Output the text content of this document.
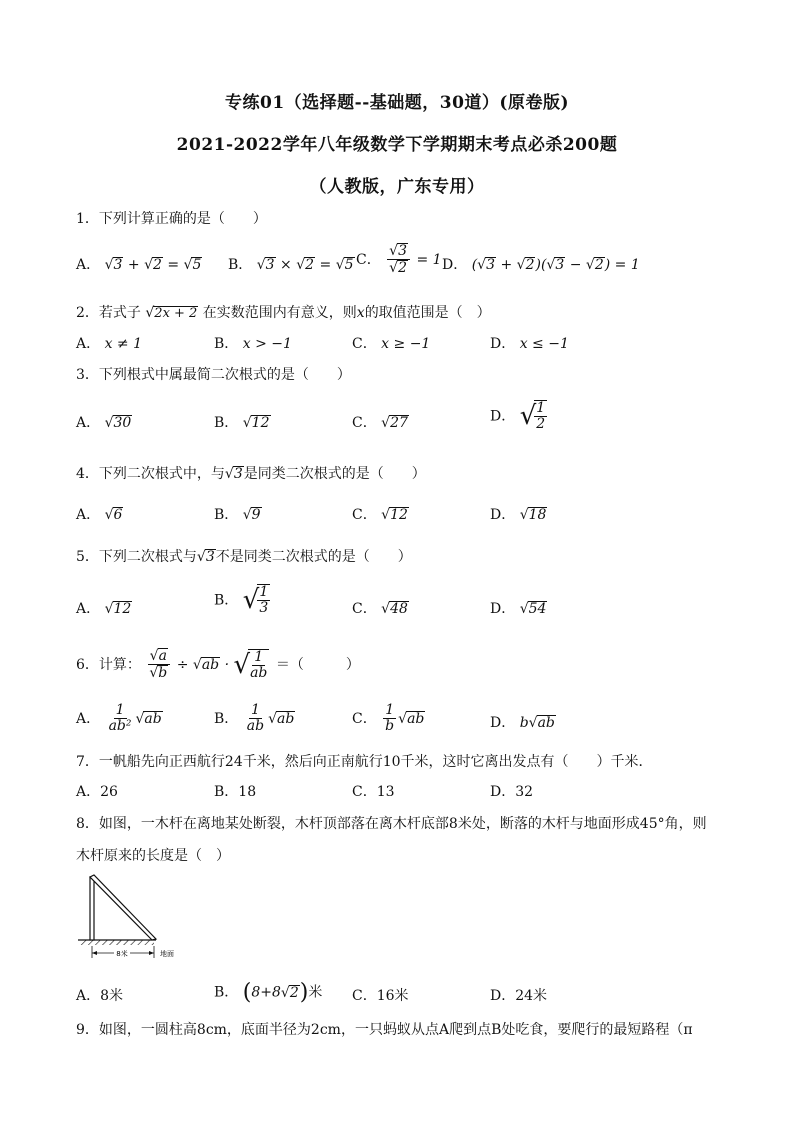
专练01（选择题--基础题，30道）(原卷版)
2021-2022学年八年级数学下学期期末考点必杀200题
（人教版，广东专用）
1．下列计算正确的是（　　）
A． √3 + √2 = √5 B． √3 × √2 = √5 C． $\frac{√3}{√2} = 1$ D． (√3 + √2)(√3 − √2) = 1
2．若式子 √2x + 2 在实数范围内有意义，则x的取值范围是（　）
A． x ≠ 1	B． x > −1	C． x ≥ −1	D． x ≤ −1
3．下列根式中属最简二次根式的是（　　）
A． √30	B． √12	C． √27	D． √
$\frac{1}{2}$
4．下列二次根式中，与√3是同类二次根式的是（　　）
A． √6	B． √9	C． √12	D． √18
5．下列二次根式与√3不是同类二次根式的是（　　）
A． √12
B． √
$\frac{1}{3}$	C． √48	D． √54
6．计算： $\frac{√a}{√b} \div √ab$ · √
$\frac{1}{ab}$ ＝（　　　）
A． $\frac{1}{\text{ab²}} √ab$	B． $\frac{1}{ab} √ab$	C． $\frac{1}{b} √ab$	D． b√ab
7．一帆船先向正西航行24千米，然后向正南航行10千米，这时它离出发点有（　　）千米．
A．26	B．18	C．13	D．32
8．如图，一木杆在离地某处断裂，木杆顶部落在离木杆底部8米处，断落的木杆与地面形成45°角，则
木杆原来的长度是（　）
8米	地面
A．8米	B． (8+8√2)米 C．16米	D．24米
9．如图，一圆柱高8cm，底面半径为2cm，一只蚂蚁从点A爬到点B处吃食，要爬行的最短路程（π
